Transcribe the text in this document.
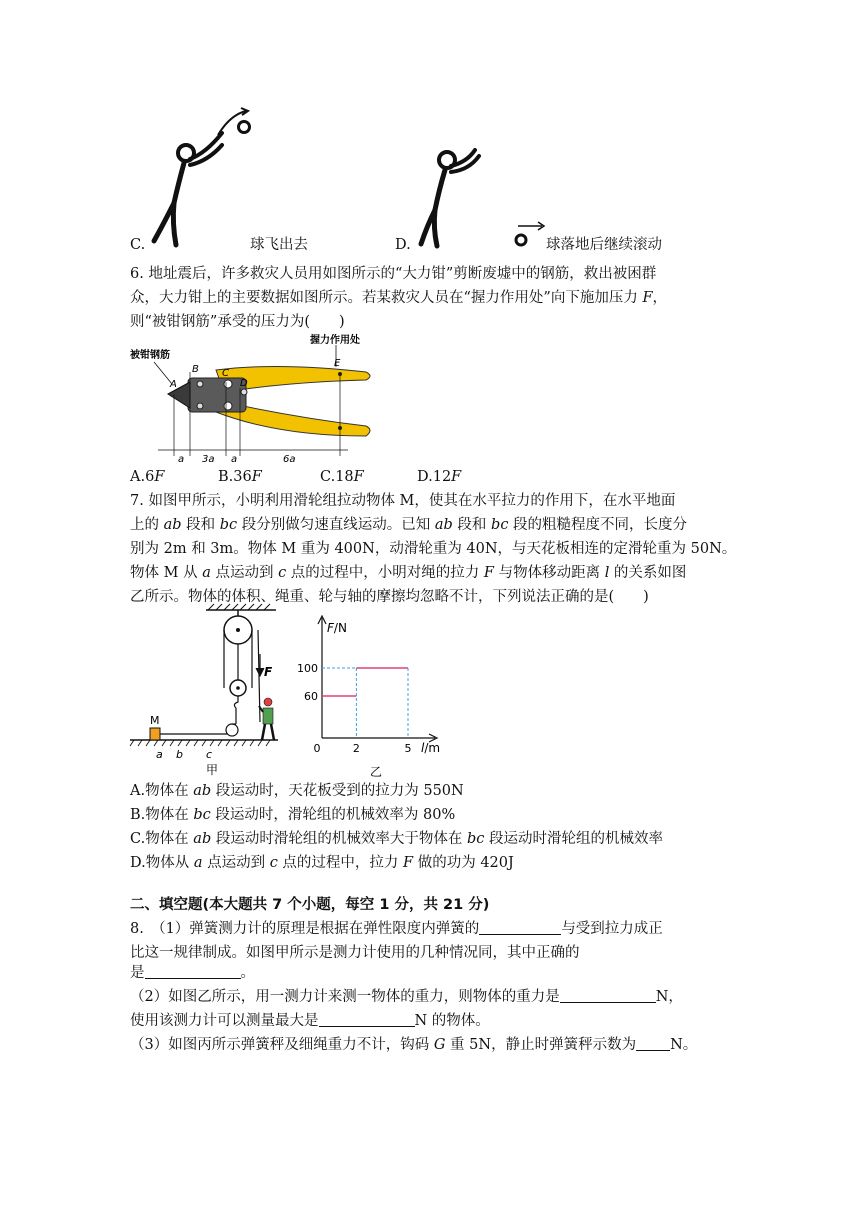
C.	球飞出去	D.	球落地后继续滚动
6. 地址震后，许多救灾人员用如图所示的“大力钳”剪断废墟中的钢筋，救出被困群
众，大力钳上的主要数据如图所示。若某救灾人员在“握力作用处”向下施加压力 F，
则“被钳钢筋”承受的压力为(　　)
被钳钢筋
握力作用处
A
B C
D
E
a 3a a	6a
A.6F	B.36F	C.18F	D.12F
7. 如图甲所示，小明利用滑轮组拉动物体 M，使其在水平拉力的作用下，在水平地面
上的 ab 段和 bc 段分别做匀速直线运动。已知 ab 段和 bc 段的粗糙程度不同，长度分
别为 2m 和 3m。物体 M 重为 400N，动滑轮重为 40N，与天花板相连的定滑轮重为 50N。
物体 M 从 a 点运动到 c 点的过程中，小明对绳的拉力 F 与物体移动距离 l 的关系如图
乙所示。物体的体积、绳重、轮与轴的摩擦均忽略不计，下列说法正确的是(　　)
F
M
a b c
甲
F/N
l/m
0
60
100
2	5
乙
A.物体在 ab 段运动时，天花板受到的拉力为 550N
B.物体在 bc 段运动时，滑轮组的机械效率为 80%
C.物体在 ab 段运动时滑轮组的机械效率大于物体在 bc 段运动时滑轮组的机械效率
D.物体从 a 点运动到 c 点的过程中，拉力 F 做的功为 420J
二、填空题(本大题共 7 个小题，每空 1 分，共 21 分)
8.　（1）弹簧测力计的原理是根据在弹性限度内弹簧的	与受到拉力成正
比这一规律制成。如图甲所示是测力计使用的几种情况同，其中正确的
是	。
（2）如图乙所示，用一测力计来测一物体的重力，则物体的重力是	N，
使用该测力计可以测量最大是	N 的物体。
（3）如图丙所示弹簧秤及细绳重力不计，钩码 G 重 5N，静止时弹簧秤示数为 N。
